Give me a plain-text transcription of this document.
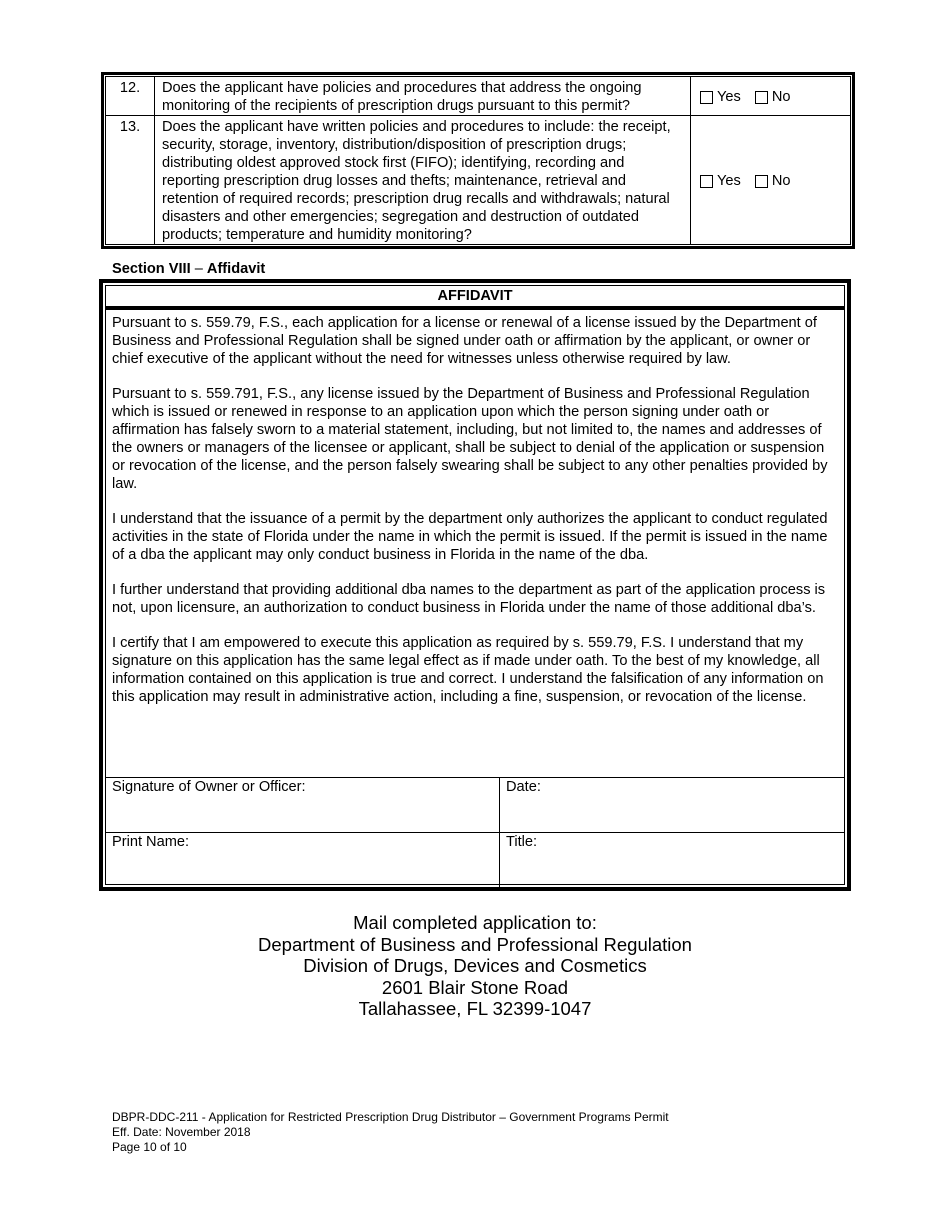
12.	Does the applicant have policies and procedures that address the ongoing monitoring of the recipients of prescription drugs pursuant to this permit?
Yes No
13.	Does the applicant have written policies and procedures to include: the receipt, security, storage, inventory, distribution/disposition of prescription drugs; distributing oldest approved stock first (FIFO); identifying, recording and reporting prescription drug losses and thefts; maintenance, retrieval and retention of required records; prescription drug recalls and withdrawals; natural disasters and other emergencies; segregation and destruction of outdated products; temperature and humidity monitoring?
Yes No
Section VIII – Affidavit
AFFIDAVIT

Pursuant to s. 559.79, F.S., each application for a license or renewal of a license issued by the Department of Business and Professional Regulation shall be signed under oath or affirmation by the applicant, or owner or chief executive of the applicant without the need for witnesses unless otherwise required by law.

Pursuant to s. 559.791, F.S., any license issued by the Department of Business and Professional Regulation which is issued or renewed in response to an application upon which the person signing under oath or affirmation has falsely sworn to a material statement, including, but not limited to, the names and addresses of the owners or managers of the licensee or applicant, shall be subject to denial of the application or suspension or revocation of the license, and the person falsely swearing shall be subject to any other penalties provided by law.

I understand that the issuance of a permit by the department only authorizes the applicant to conduct regulated activities in the state of Florida under the name in which the permit is issued. If the permit is issued in the name of a dba the applicant may only conduct business in Florida in the name of the dba.

I further understand that providing additional dba names to the department as part of the application process is not, upon licensure, an authorization to conduct business in Florida under the name of those additional dba’s.

I certify that I am empowered to execute this application as required by s. 559.79, F.S. I understand that my signature on this application has the same legal effect as if made under oath. To the best of my knowledge, all information contained on this application is true and correct. I understand the falsification of any information on this application may result in administrative action, including a fine, suspension, or revocation of the license.

Signature of Owner or Officer:	Date:
Print Name:	Title:
Mail completed application to:
Department of Business and Professional Regulation
Division of Drugs, Devices and Cosmetics
2601 Blair Stone Road
Tallahassee, FL 32399-1047
DBPR-DDC-211 - Application for Restricted Prescription Drug Distributor – Government Programs Permit
Eff. Date: November 2018
Page 10 of 10
